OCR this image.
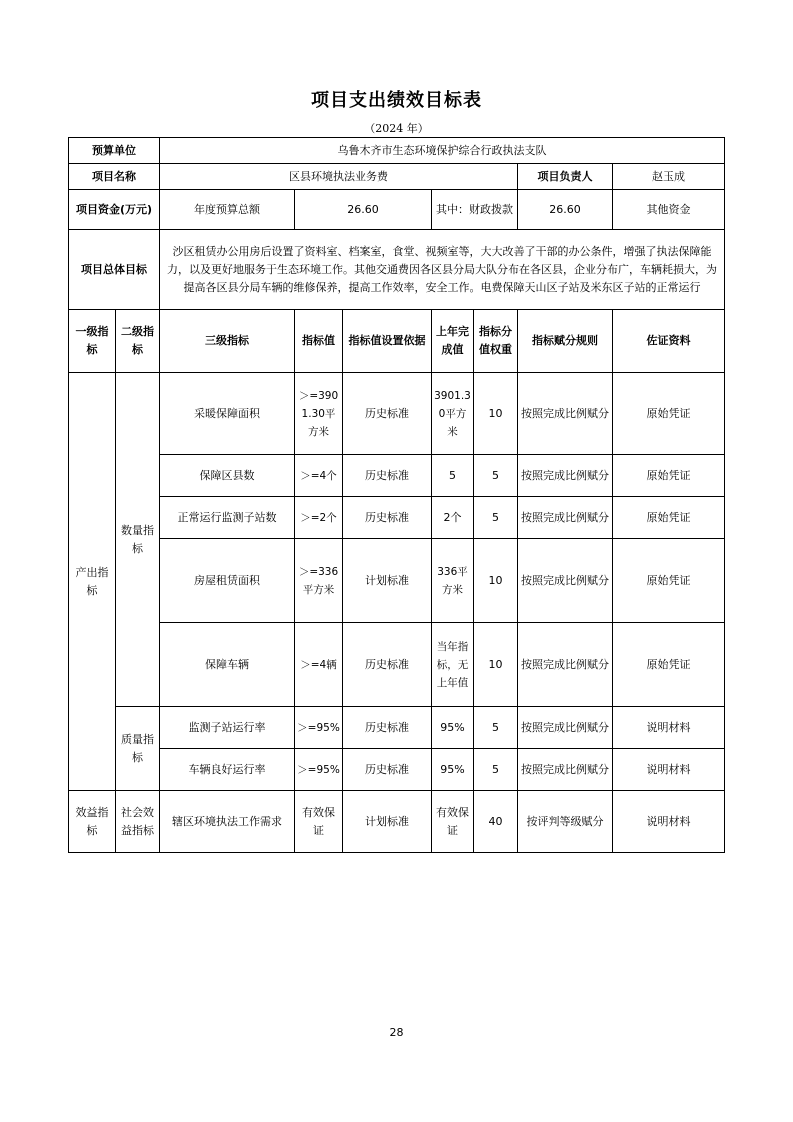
项目支出绩效目标表
（2024 年）
预算单位		乌鲁木齐市生态环境保护综合行政执法支队						
项目名称		区县环境执法业务费					项目负责人	赵玉成
项目资金(万元)		年度预算总额	26.60		其中：财政拨款		26.60	其他资金
项目总体目标		沙区租赁办公用房后设置了资料室、档案室，食堂、视频室等，大大改善了干部的办公条件，增强了执法保障能力，以及更好地服务于生态环境工作。其他交通费因各区县分局大队分布在各区县，企业分布广，车辆耗损大，为提高各区县分局车辆的维修保养，提高工作效率，安全工作。电费保障天山区子站及米东区子站的正常运行						
一级指标	二级指标	三级指标	指标值	指标值设置依据	上年完成值	指标分值权重	指标赋分规则	佐证资料
产出指标	数量指标	采暖保障面积	＞=3901.30平方米	历史标准	3901.30平方米	10	按照完成比例赋分	原始凭证
		保障区县数	＞=4个	历史标准	5	5	按照完成比例赋分	原始凭证
		正常运行监测子站数	＞=2个	历史标准	2个	5	按照完成比例赋分	原始凭证
		房屋租赁面积	＞=336平方米	计划标准	336平方米	10	按照完成比例赋分	原始凭证
		保障车辆	＞=4辆	历史标准	当年指标，无上年值	10	按照完成比例赋分	原始凭证
	质量指标	监测子站运行率	＞=95%	历史标准	95%	5	按照完成比例赋分	说明材料
		车辆良好运行率	＞=95%	历史标准	95%	5	按照完成比例赋分	说明材料
效益指标	社会效益指标	辖区环境执法工作需求	有效保证	计划标准	有效保证	40	按评判等级赋分	说明材料
28
